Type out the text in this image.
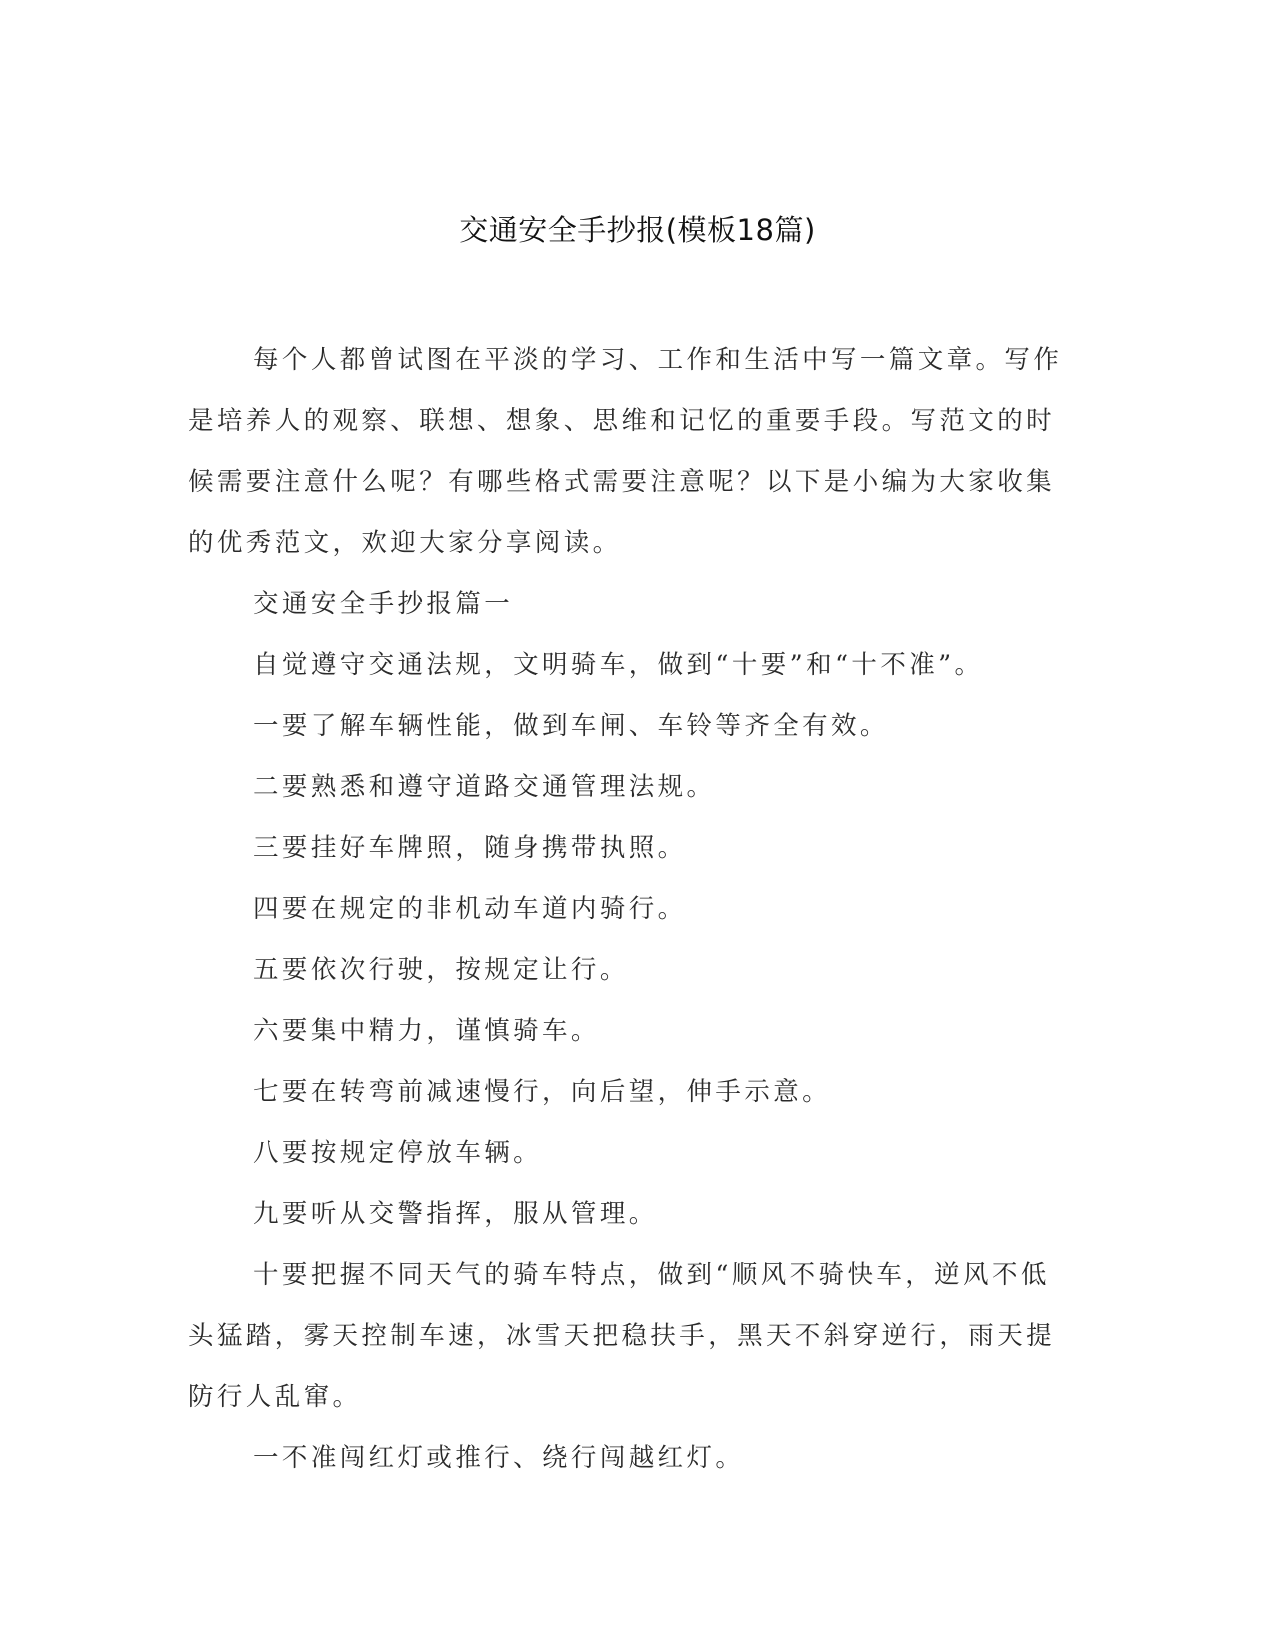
交通安全手抄报(模板18篇)

每个人都曾试图在平淡的学习、工作和生活中写一篇文章。写作是培养人的观察、联想、想象、思维和记忆的重要手段。写范文的时候需要注意什么呢？有哪些格式需要注意呢？以下是小编为大家收集的优秀范文，欢迎大家分享阅读。

交通安全手抄报篇一

自觉遵守交通法规，文明骑车，做到“十要”和“十不准”。

一要了解车辆性能，做到车闸、车铃等齐全有效。

二要熟悉和遵守道路交通管理法规。

三要挂好车牌照，随身携带执照。

四要在规定的非机动车道内骑行。

五要依次行驶，按规定让行。

六要集中精力，谨慎骑车。

七要在转弯前减速慢行，向后望，伸手示意。

八要按规定停放车辆。

九要听从交警指挥，服从管理。

十要把握不同天气的骑车特点，做到“顺风不骑快车，逆风不低头猛踏，雾天控制车速，冰雪天把稳扶手，黑天不斜穿逆行，雨天提防行人乱窜。

一不准闯红灯或推行、绕行闯越红灯。
